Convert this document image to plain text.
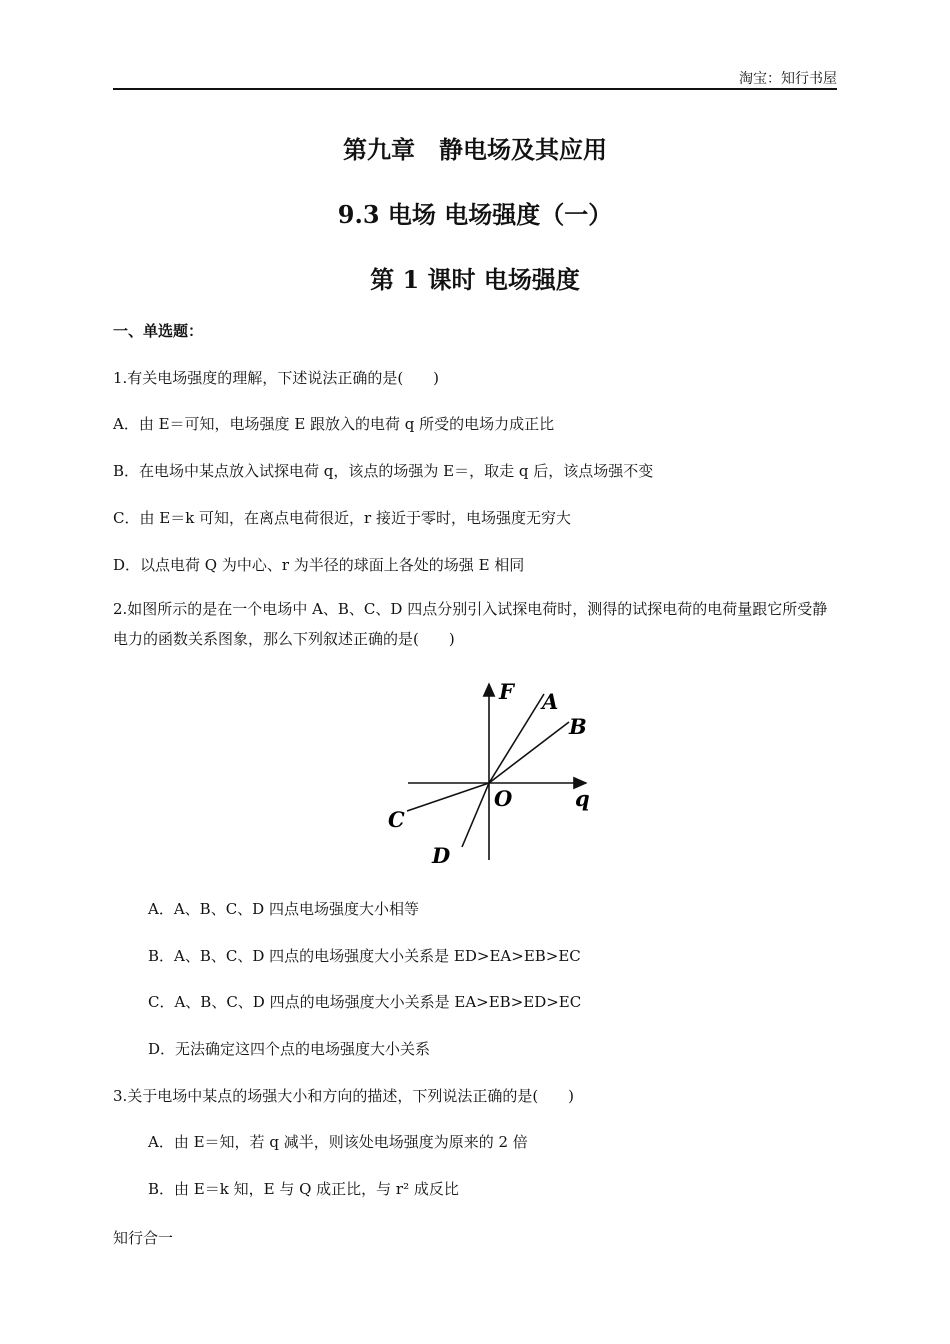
淘宝：知行书屋
第九章　静电场及其应用
9.3 电场 电场强度（一）
第 1 课时 电场强度
一、单选题：
1.有关电场强度的理解，下述说法正确的是(　　)
A．由 E＝可知，电场强度 E 跟放入的电荷 q 所受的电场力成正比
B．在电场中某点放入试探电荷 q，该点的场强为 E＝，取走 q 后，该点场强不变
C．由 E＝k 可知，在离点电荷很近，r 接近于零时，电场强度无穷大
D．以点电荷 Q 为中心、r 为半径的球面上各处的场强 E 相同
2.如图所示的是在一个电场中 A、B、C、D 四点分别引入试探电荷时，测得的试探电荷的电荷量跟它所受静电力的函数关系图象，那么下列叙述正确的是(　　)
F A
B
O	q
C
D
A．A、B、C、D 四点电场强度大小相等
B．A、B、C、D 四点的电场强度大小关系是 ED>EA>EB>EC
C．A、B、C、D 四点的电场强度大小关系是 EA>EB>ED>EC
D．无法确定这四个点的电场强度大小关系
3.关于电场中某点的场强大小和方向的描述，下列说法正确的是(　　)
A．由 E＝知，若 q 减半，则该处电场强度为原来的 2 倍
B．由 E＝k 知，E 与 Q 成正比，与 r² 成反比
知行合一
